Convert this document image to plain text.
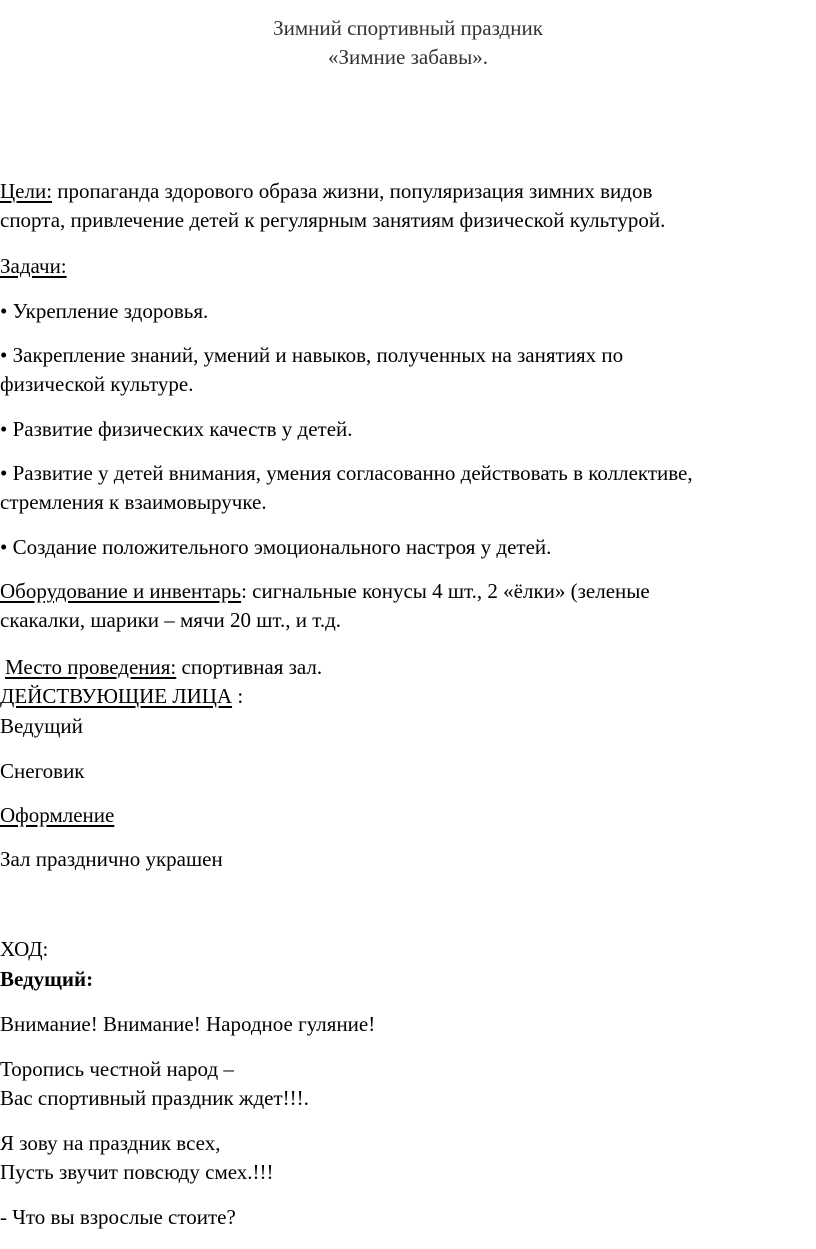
Зимний спортивный праздник
«Зимние забавы».
Цели: пропаганда здорового образа жизни, популяризация зимних видов
спорта, привлечение детей к регулярным занятиям физической культурой.
Задачи:
• Укрепление здоровья.
• Закрепление знаний, умений и навыков, полученных на занятиях по
физической культуре.
• Развитие физических качеств у детей.
• Развитие у детей внимания, умения согласованно действовать в коллективе,
стремления к взаимовыручке.
• Создание положительного эмоционального настроя у детей.
Оборудование и инвентарь: сигнальные конусы 4 шт., 2 «ёлки» (зеленые
скакалки, шарики – мячи 20 шт., и т.д.
Место проведения: спортивная зал.
ДЕЙСТВУЮЩИЕ ЛИЦА :
Ведущий
Снеговик
Оформление
Зал празднично украшен
ХОД:
Ведущий:
Внимание! Внимание! Народное гуляние!
Торопись честной народ –
Вас спортивный праздник ждет!!!.
Я зову на праздник всех,
Пусть звучит повсюду смех.!!!
- Что вы взрослые стоите?
